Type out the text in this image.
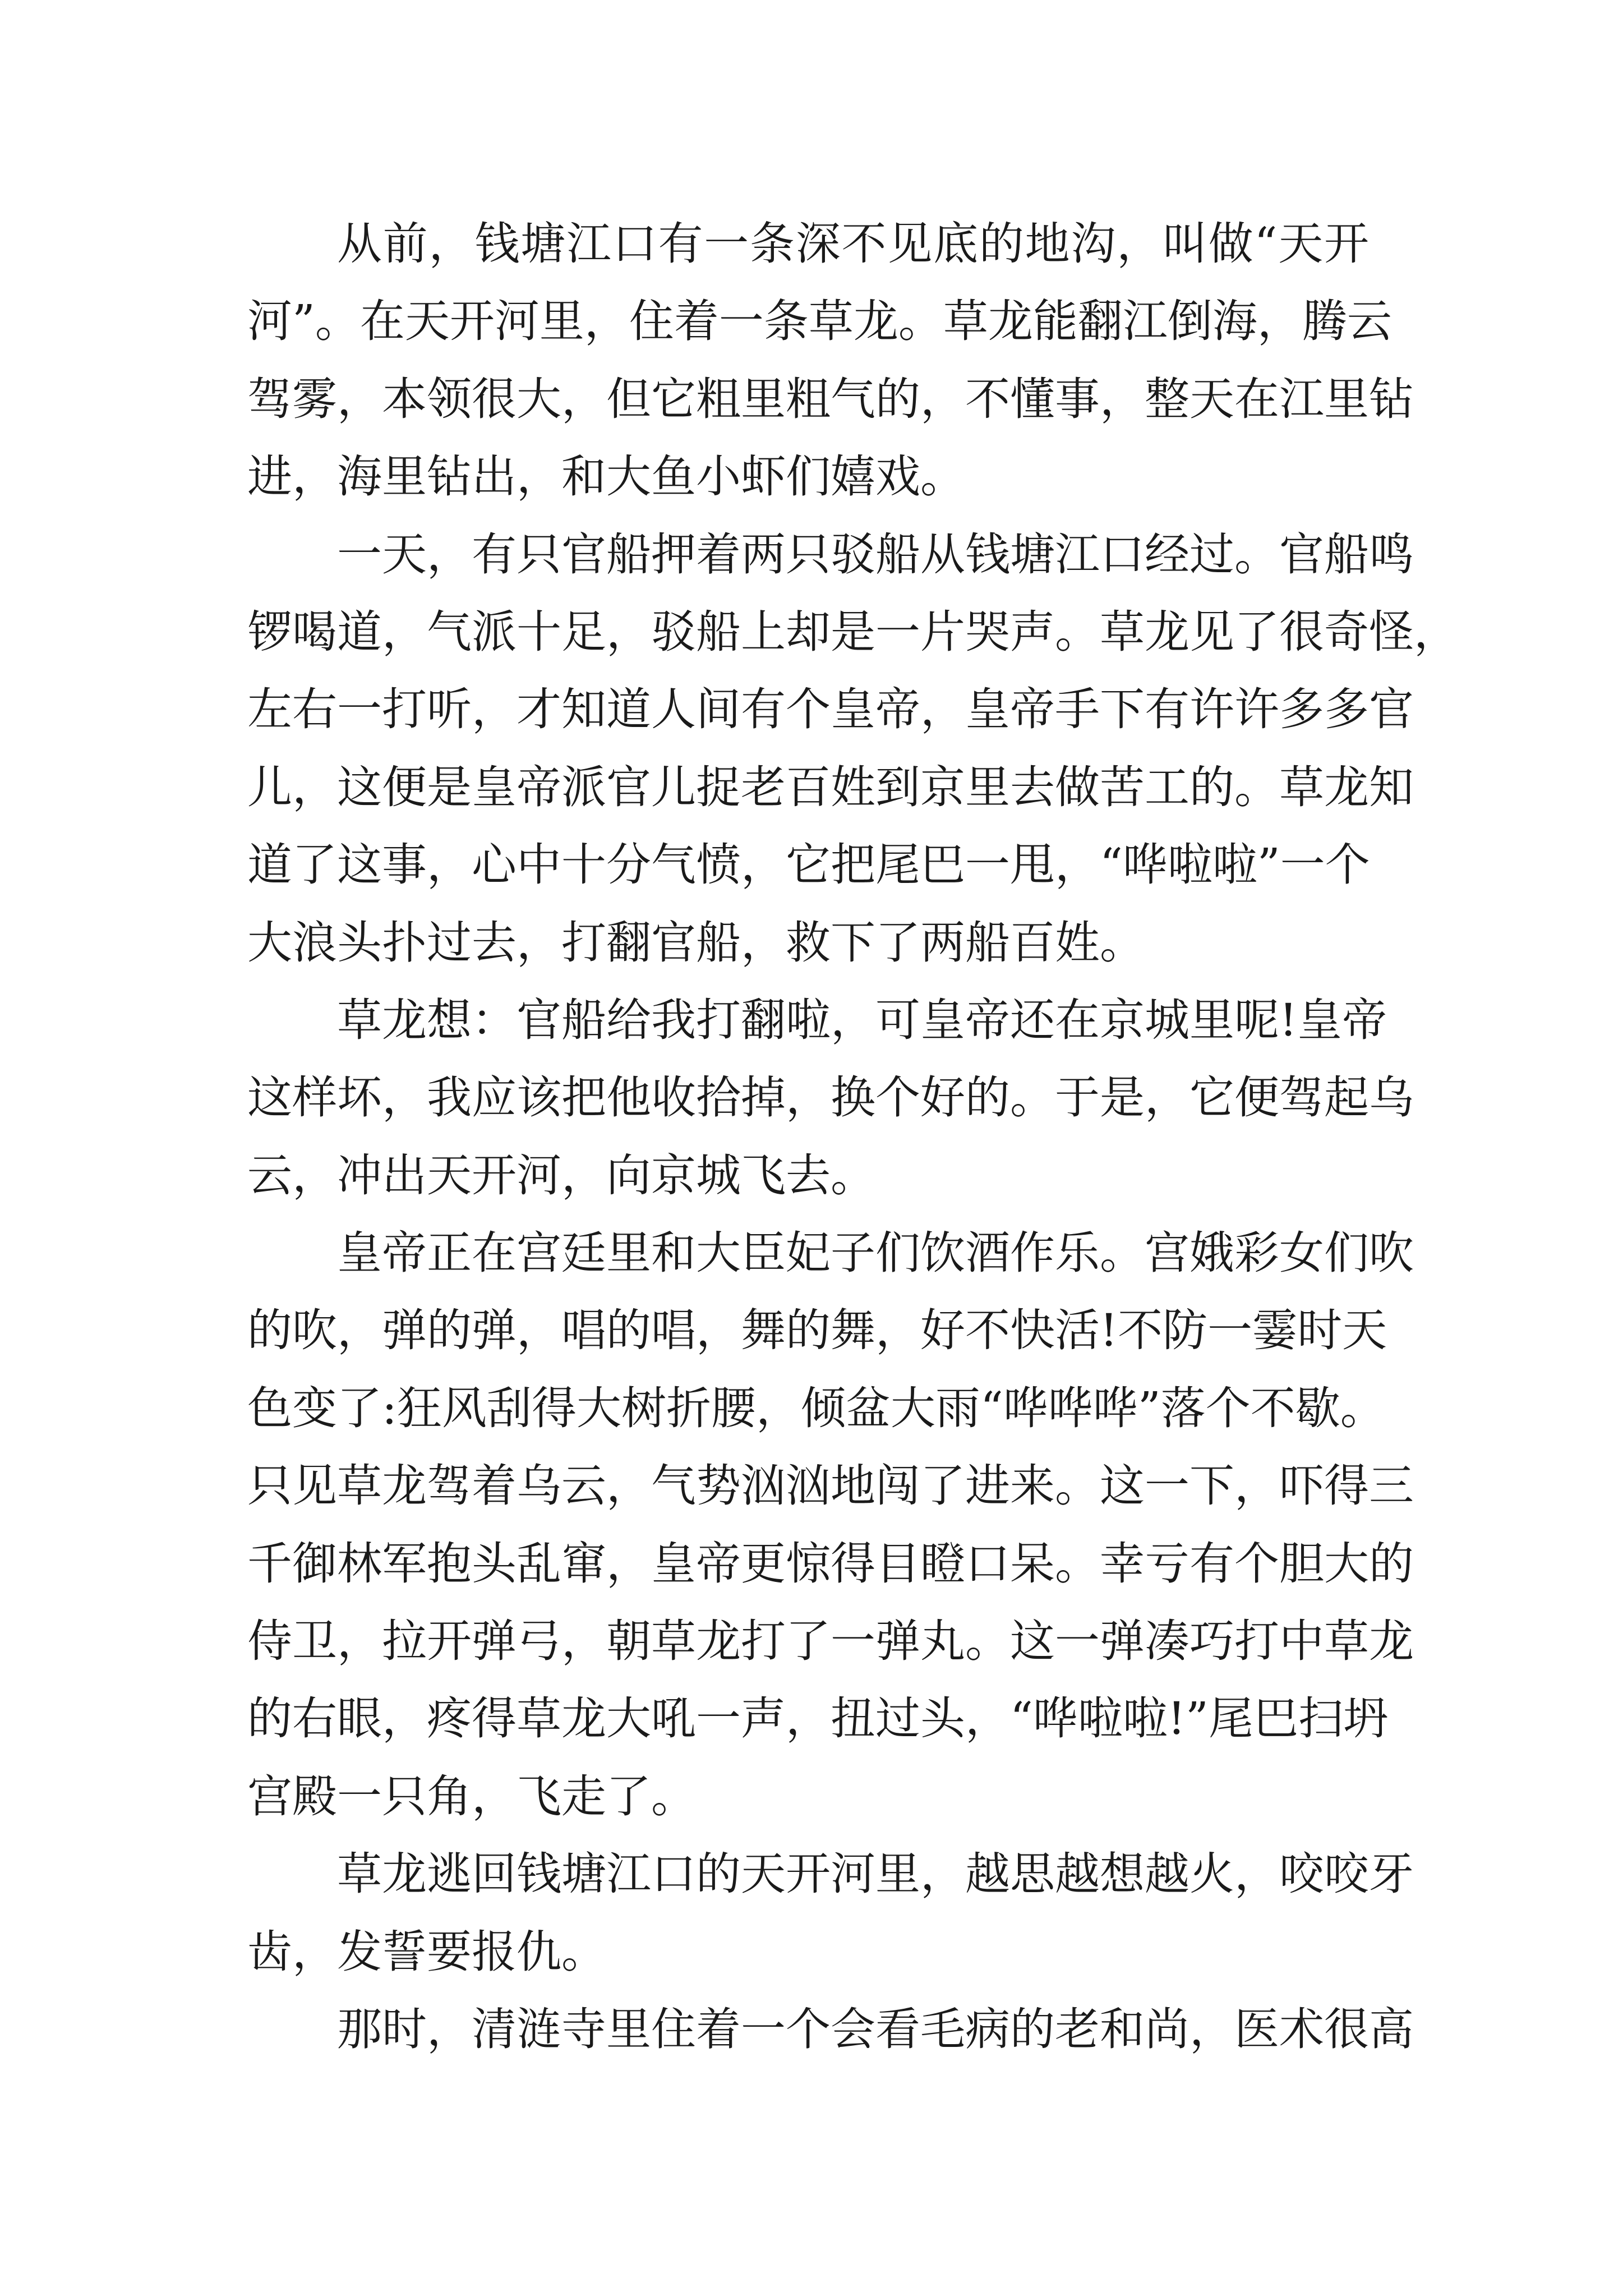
从前，钱塘江口有一条深不见底的地沟，叫做“天开
河”。在天开河里，住着一条草龙。草龙能翻江倒海，腾云
驾雾，本领很大，但它粗里粗气的，不懂事，整天在江里钻
进，海里钻出，和大鱼小虾们嬉戏。
一天，有只官船押着两只驳船从钱塘江口经过。官船鸣
锣喝道，气派十足，驳船上却是一片哭声。草龙见了很奇怪，
左右一打听，才知道人间有个皇帝，皇帝手下有许许多多官
儿，这便是皇帝派官儿捉老百姓到京里去做苦工的。草龙知
道了这事，心中十分气愤，它把尾巴一甩，“哗啦啦”一个
大浪头扑过去，打翻官船，救下了两船百姓。
草龙想：官船给我打翻啦，可皇帝还在京城里呢!皇帝
这样坏，我应该把他收拾掉，换个好的。于是，它便驾起乌
云，冲出天开河，向京城飞去。
皇帝正在宫廷里和大臣妃子们饮酒作乐。宫娥彩女们吹
的吹，弹的弹，唱的唱，舞的舞，好不快活!不防一霎时天
色变了:狂风刮得大树折腰，倾盆大雨“哗哗哗”落个不歇。
只见草龙驾着乌云，气势汹汹地闯了进来。这一下，吓得三
千御林军抱头乱窜，皇帝更惊得目瞪口呆。幸亏有个胆大的
侍卫，拉开弹弓，朝草龙打了一弹丸。这一弹凑巧打中草龙
的右眼，疼得草龙大吼一声，扭过头，“哗啦啦!”尾巴扫坍
宫殿一只角，飞走了。
草龙逃回钱塘江口的天开河里，越思越想越火，咬咬牙
齿，发誓要报仇。
那时，清涟寺里住着一个会看毛病的老和尚，医术很高
